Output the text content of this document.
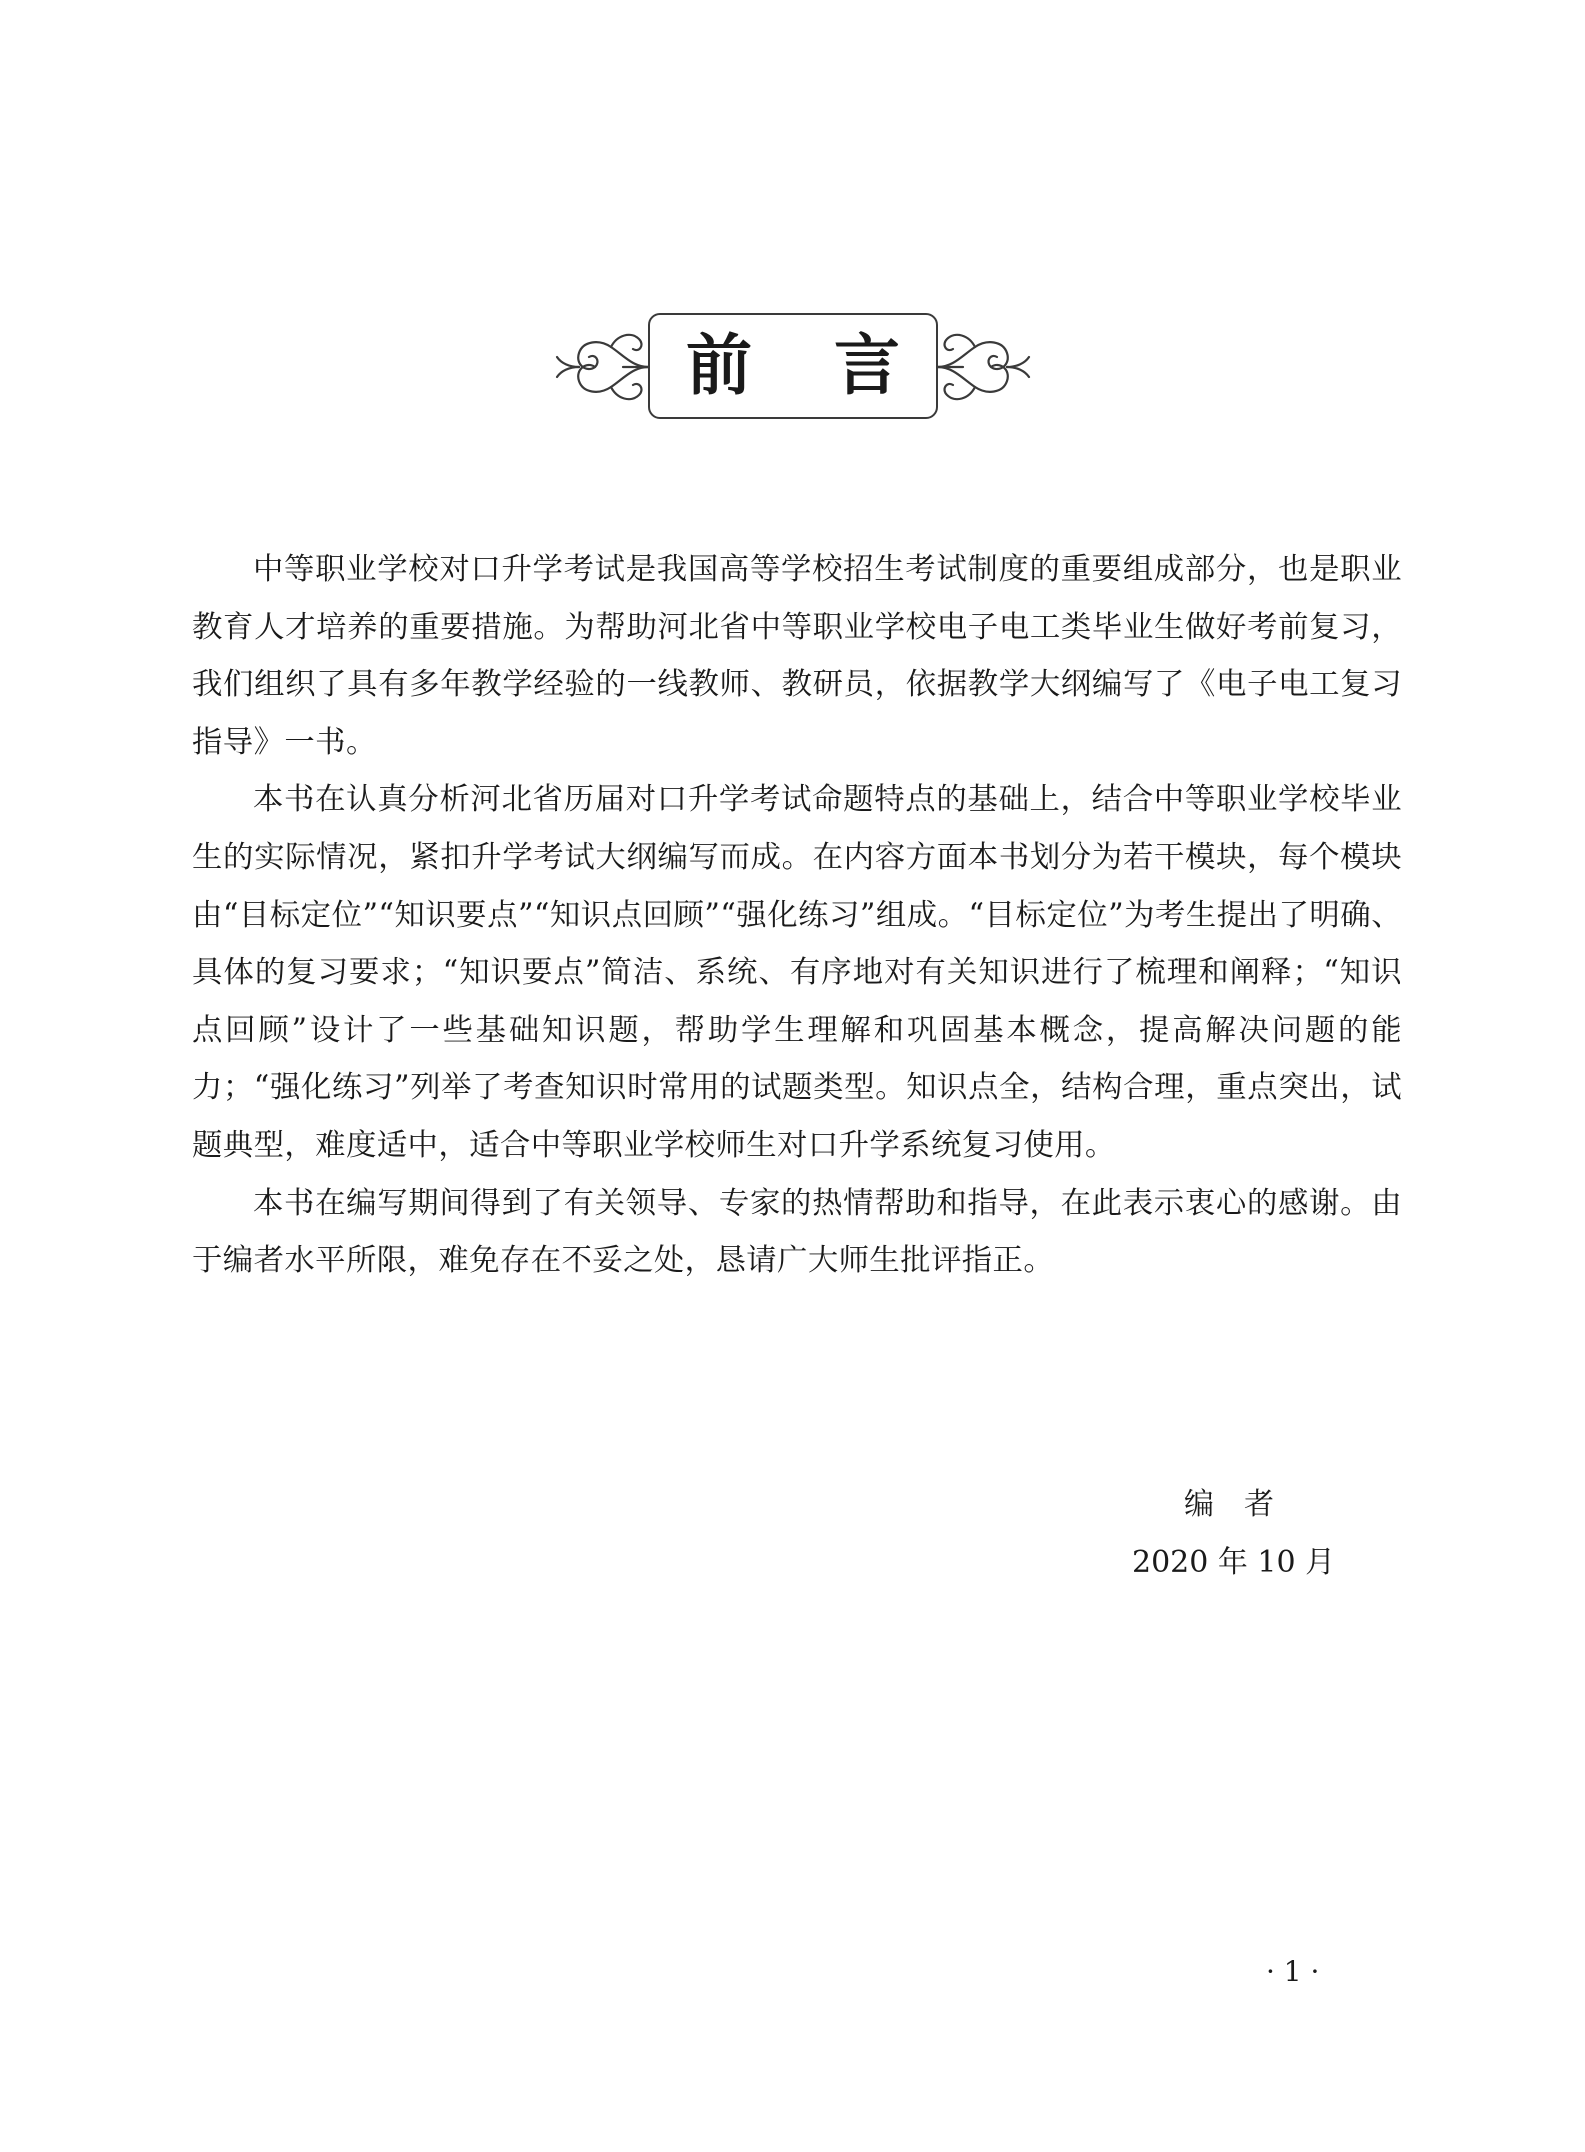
前 言

中等职业学校对口升学考试是我国高等学校招生考试制度的重要组成部分，也是职业教育人才培养的重要措施。为帮助河北省中等职业学校电子电工类毕业生做好考前复习，我们组织了具有多年教学经验的一线教师、教研员，依据教学大纲编写了《电子电工复习指导》一书。

本书在认真分析河北省历届对口升学考试命题特点的基础上，结合中等职业学校毕业生的实际情况，紧扣升学考试大纲编写而成。在内容方面本书划分为若干模块，每个模块由“目标定位”“知识要点”“知识点回顾”“强化练习”组成。“目标定位”为考生提出了明确、具体的复习要求；“知识要点”简洁、系统、有序地对有关知识进行了梳理和阐释；“知识点回顾”设计了一些基础知识题，帮助学生理解和巩固基本概念，提高解决问题的能力；“强化练习”列举了考查知识时常用的试题类型。知识点全，结构合理，重点突出，试题典型，难度适中，适合中等职业学校师生对口升学系统复习使用。

本书在编写期间得到了有关领导、专家的热情帮助和指导，在此表示衷心的感谢。由于编者水平所限，难免存在不妥之处，恳请广大师生批评指正。

编者
2020 年 10 月
· 1 ·
